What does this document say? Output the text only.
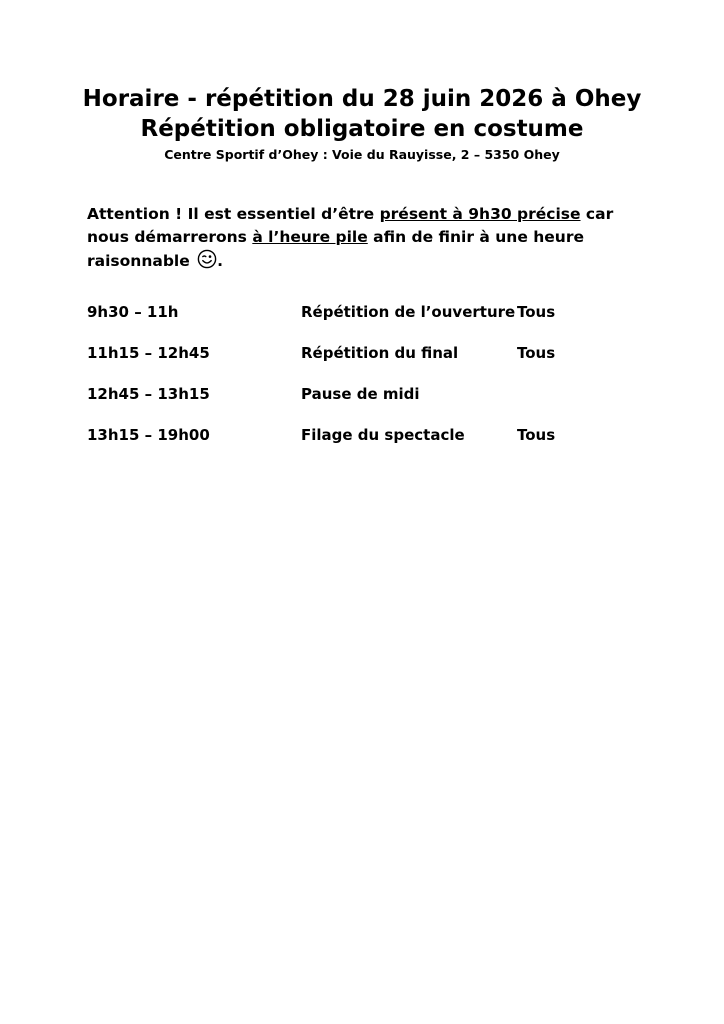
Horaire - répétition du 28 juin 2026 à Ohey
Répétition obligatoire en costume
Centre Sportif d’Ohey : Voie du Rauyisse, 2 – 5350 Ohey
Attention ! Il est essentiel d’être présent à 9h30 précise car
nous démarrerons à l’heure pile afin de finir à une heure
raisonnable .
9h30 – 11h	Répétition de l’ouverture Tous
11h15 – 12h45	Répétition du final	Tous
12h45 – 13h15	Pause de midi
13h15 – 19h00	Filage du spectacle	Tous
